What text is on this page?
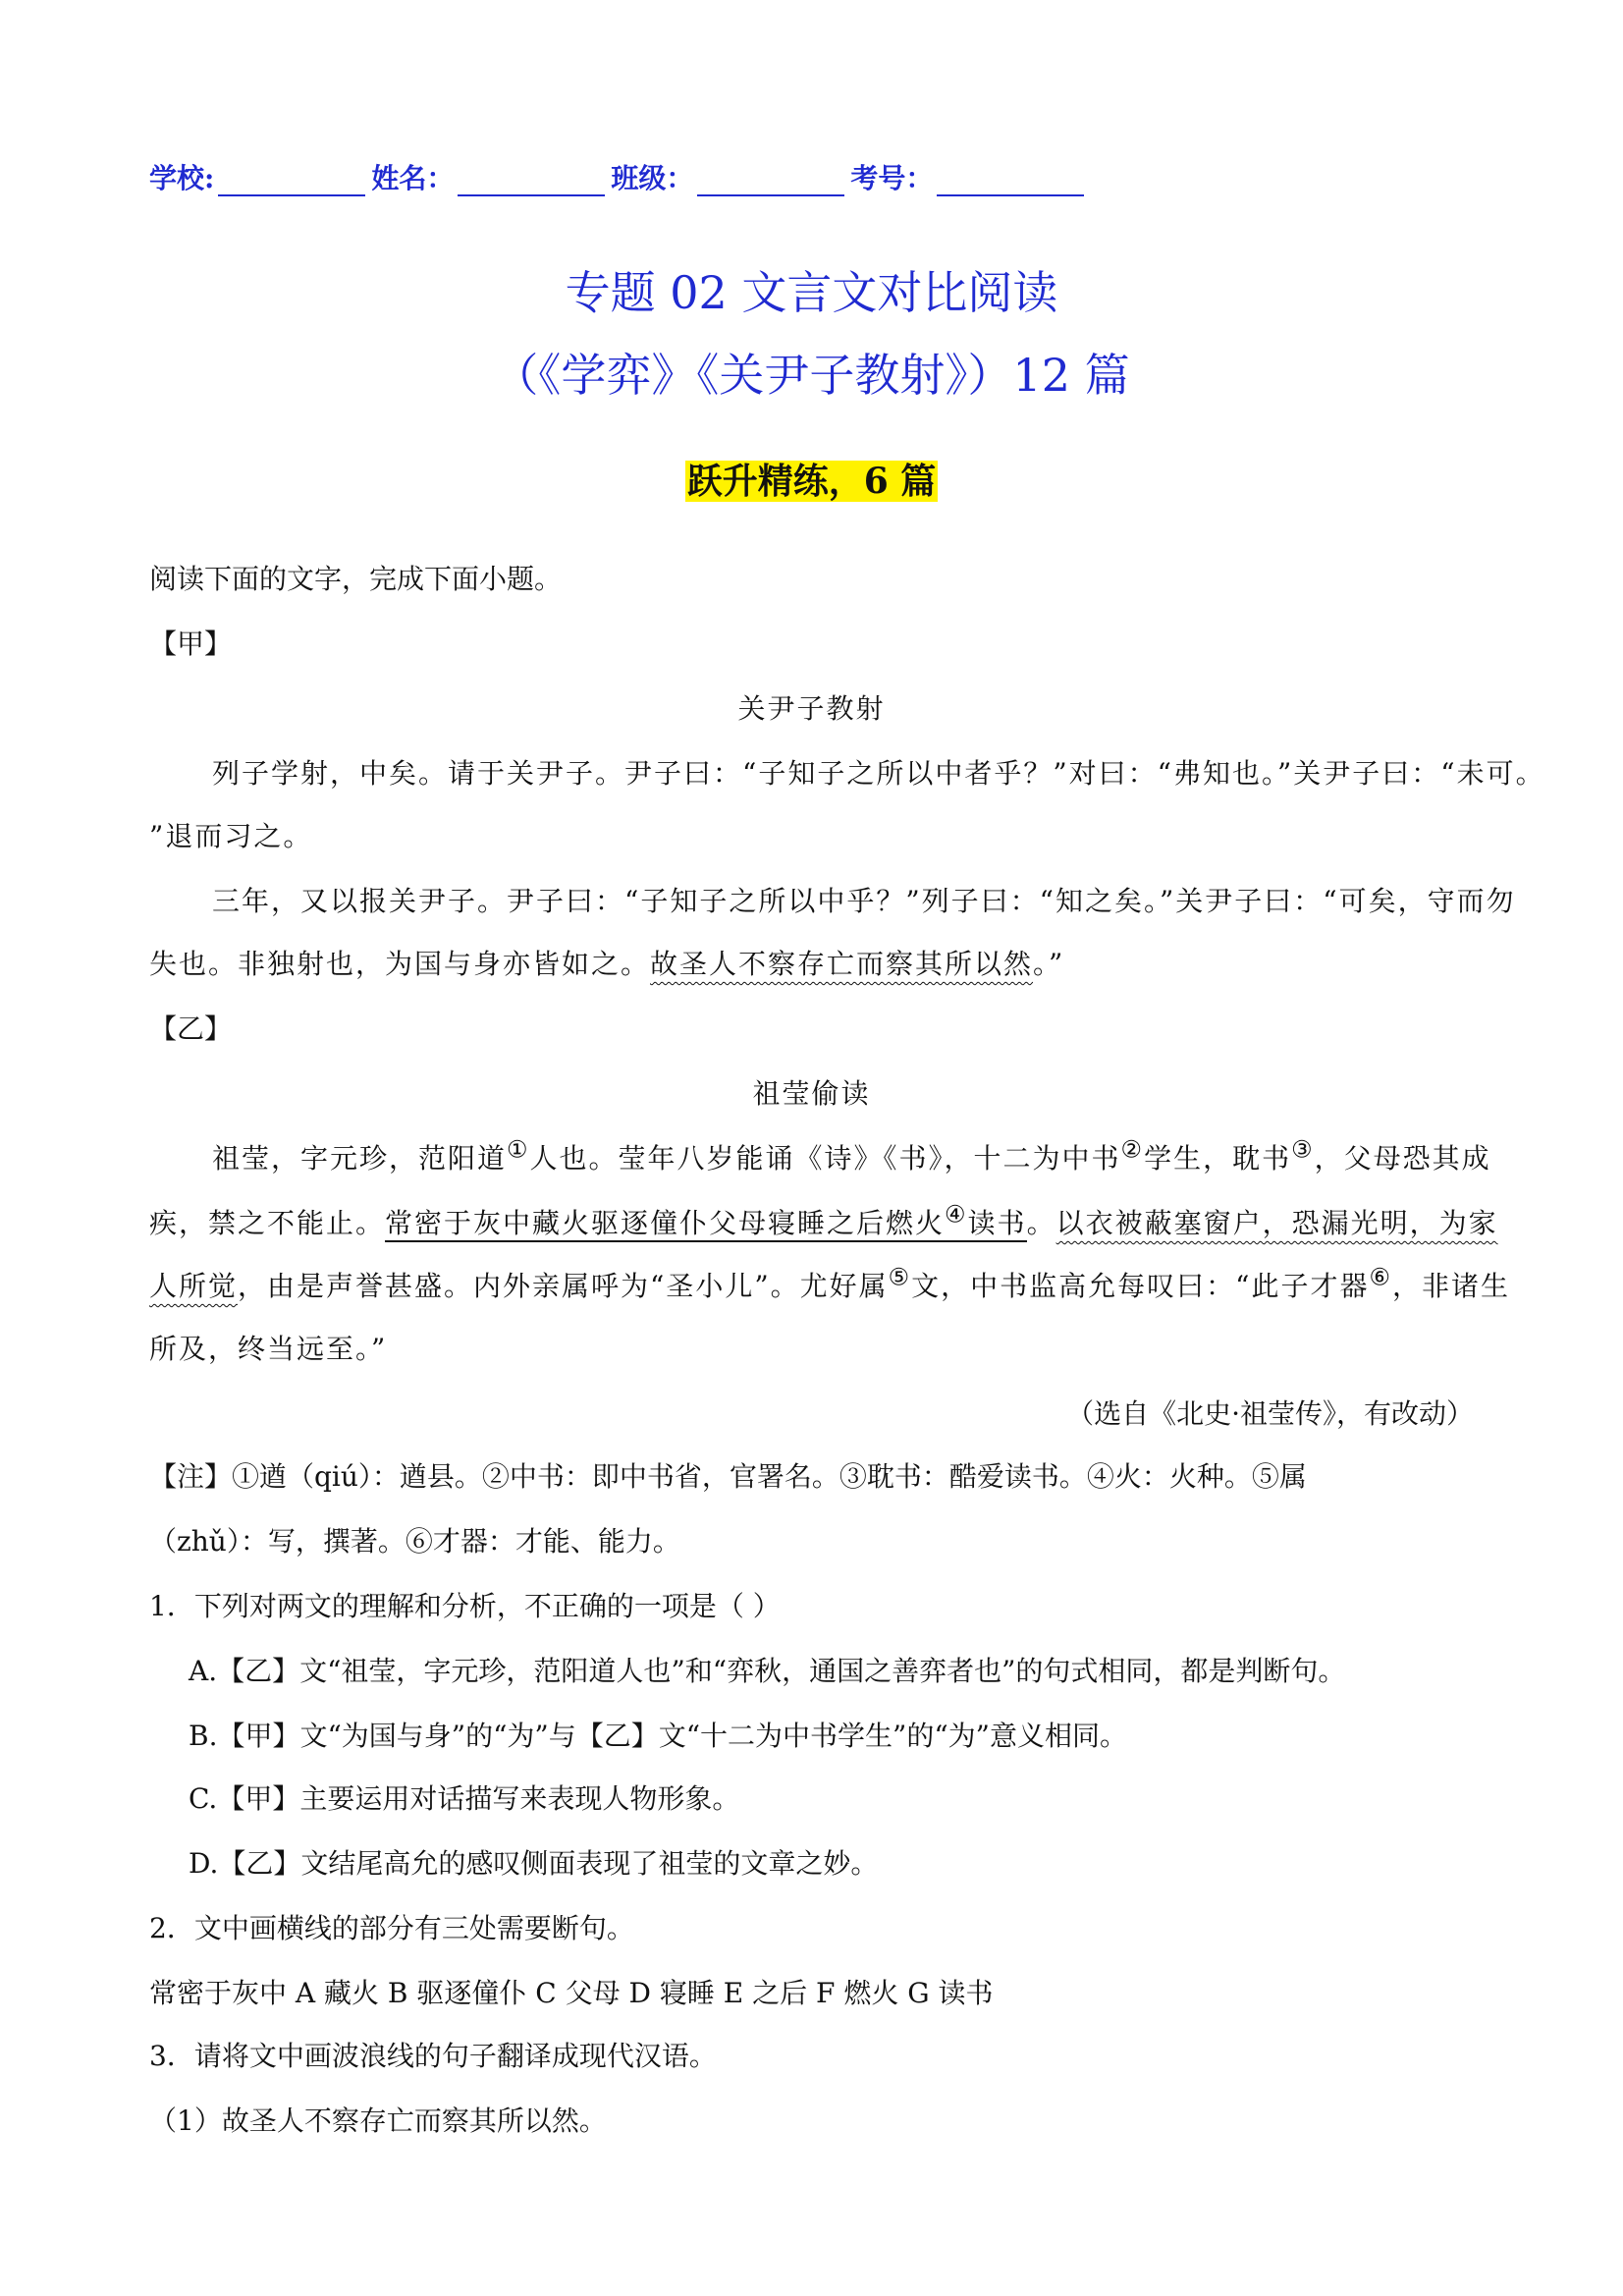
学校:	姓名：	班级：	考号：
专题 02 文言文对比阅读
（《学弈》《关尹子教射》）12 篇
跃升精练，6 篇
阅读下面的文字，完成下面小题。
【甲】
关尹子教射
列子学射，中矣。请于关尹子。尹子曰：“子知子之所以中者乎？”对曰：“弗知也。”关尹子曰：“未可。
”退而习之。
三年，又以报关尹子。尹子曰：“子知子之所以中乎？”列子曰：“知之矣。”关尹子曰：“可矣，守而勿
失也。非独射也，为国与身亦皆如之。故圣人不察存亡而察其所以然。”
【乙】
祖莹偷读
祖莹，字元珍，范阳道①人也。莹年八岁能诵《诗》《书》，十二为中书②学生，耽书③，父母恐其成
疾，禁之不能止。常密于灰中藏火驱逐僮仆父母寝睡之后燃火④读书。以衣被蔽塞窗户，恐漏光明，为家
人所觉，由是声誉甚盛。内外亲属呼为“圣小儿”。尤好属⑤文，中书监高允每叹曰：“此子才器⑥，非诸生
所及，终当远至。”
（选自《北史·祖莹传》，有改动）
【注】①遒（qiú）：遒县。②中书：即中书省，官署名。③耽书：酷爱读书。④火：火种。⑤属
（zhǔ）：写，撰著。⑥才器：才能、能力。
1．下列对两文的理解和分析，不正确的一项是（ ）
A.【乙】文“祖莹，字元珍，范阳道人也”和“弈秋，通国之善弈者也”的句式相同，都是判断句。
B.【甲】文“为国与身”的“为”与【乙】文“十二为中书学生”的“为”意义相同。
C.【甲】主要运用对话描写来表现人物形象。
D.【乙】文结尾高允的感叹侧面表现了祖莹的文章之妙。
2．文中画横线的部分有三处需要断句。
常密于灰中 A 藏火 B 驱逐僮仆 C 父母 D 寝睡 E 之后 F 燃火 G 读书
3．请将文中画波浪线的句子翻译成现代汉语。
（1）故圣人不察存亡而察其所以然。
